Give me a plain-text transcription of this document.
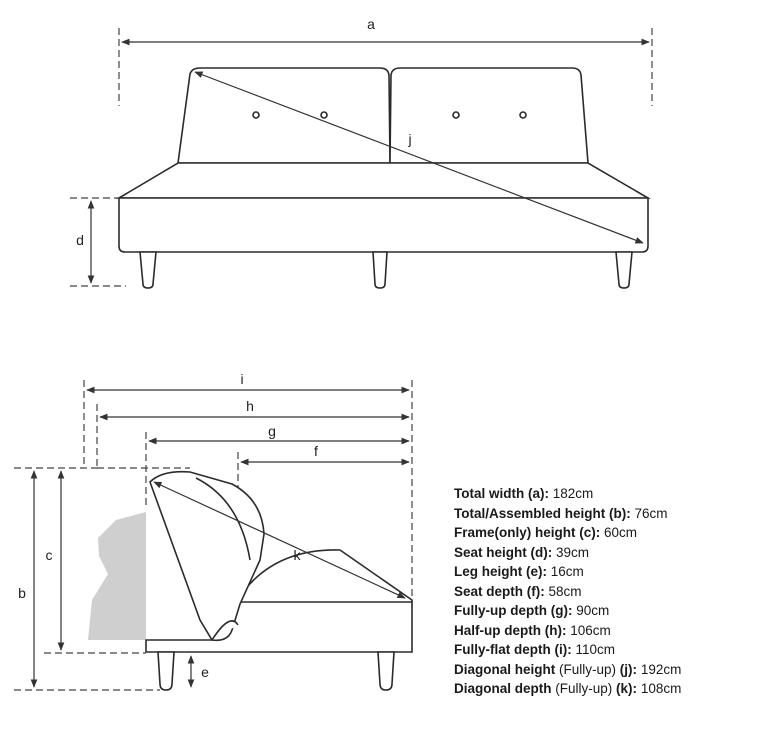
a
j
d
i
h
g
f
k
b
c
e
Total width (a): 182cm
Total/Assembled height (b): 76cm
Frame(only) height (c): 60cm
Seat height (d): 39cm
Leg height (e): 16cm
Seat depth (f): 58cm
Fully-up depth (g): 90cm
Half-up depth (h): 106cm
Fully-flat depth (i): 110cm
Diagonal height (Fully-up) (j): 192cm
Diagonal depth (Fully-up) (k): 108cm
